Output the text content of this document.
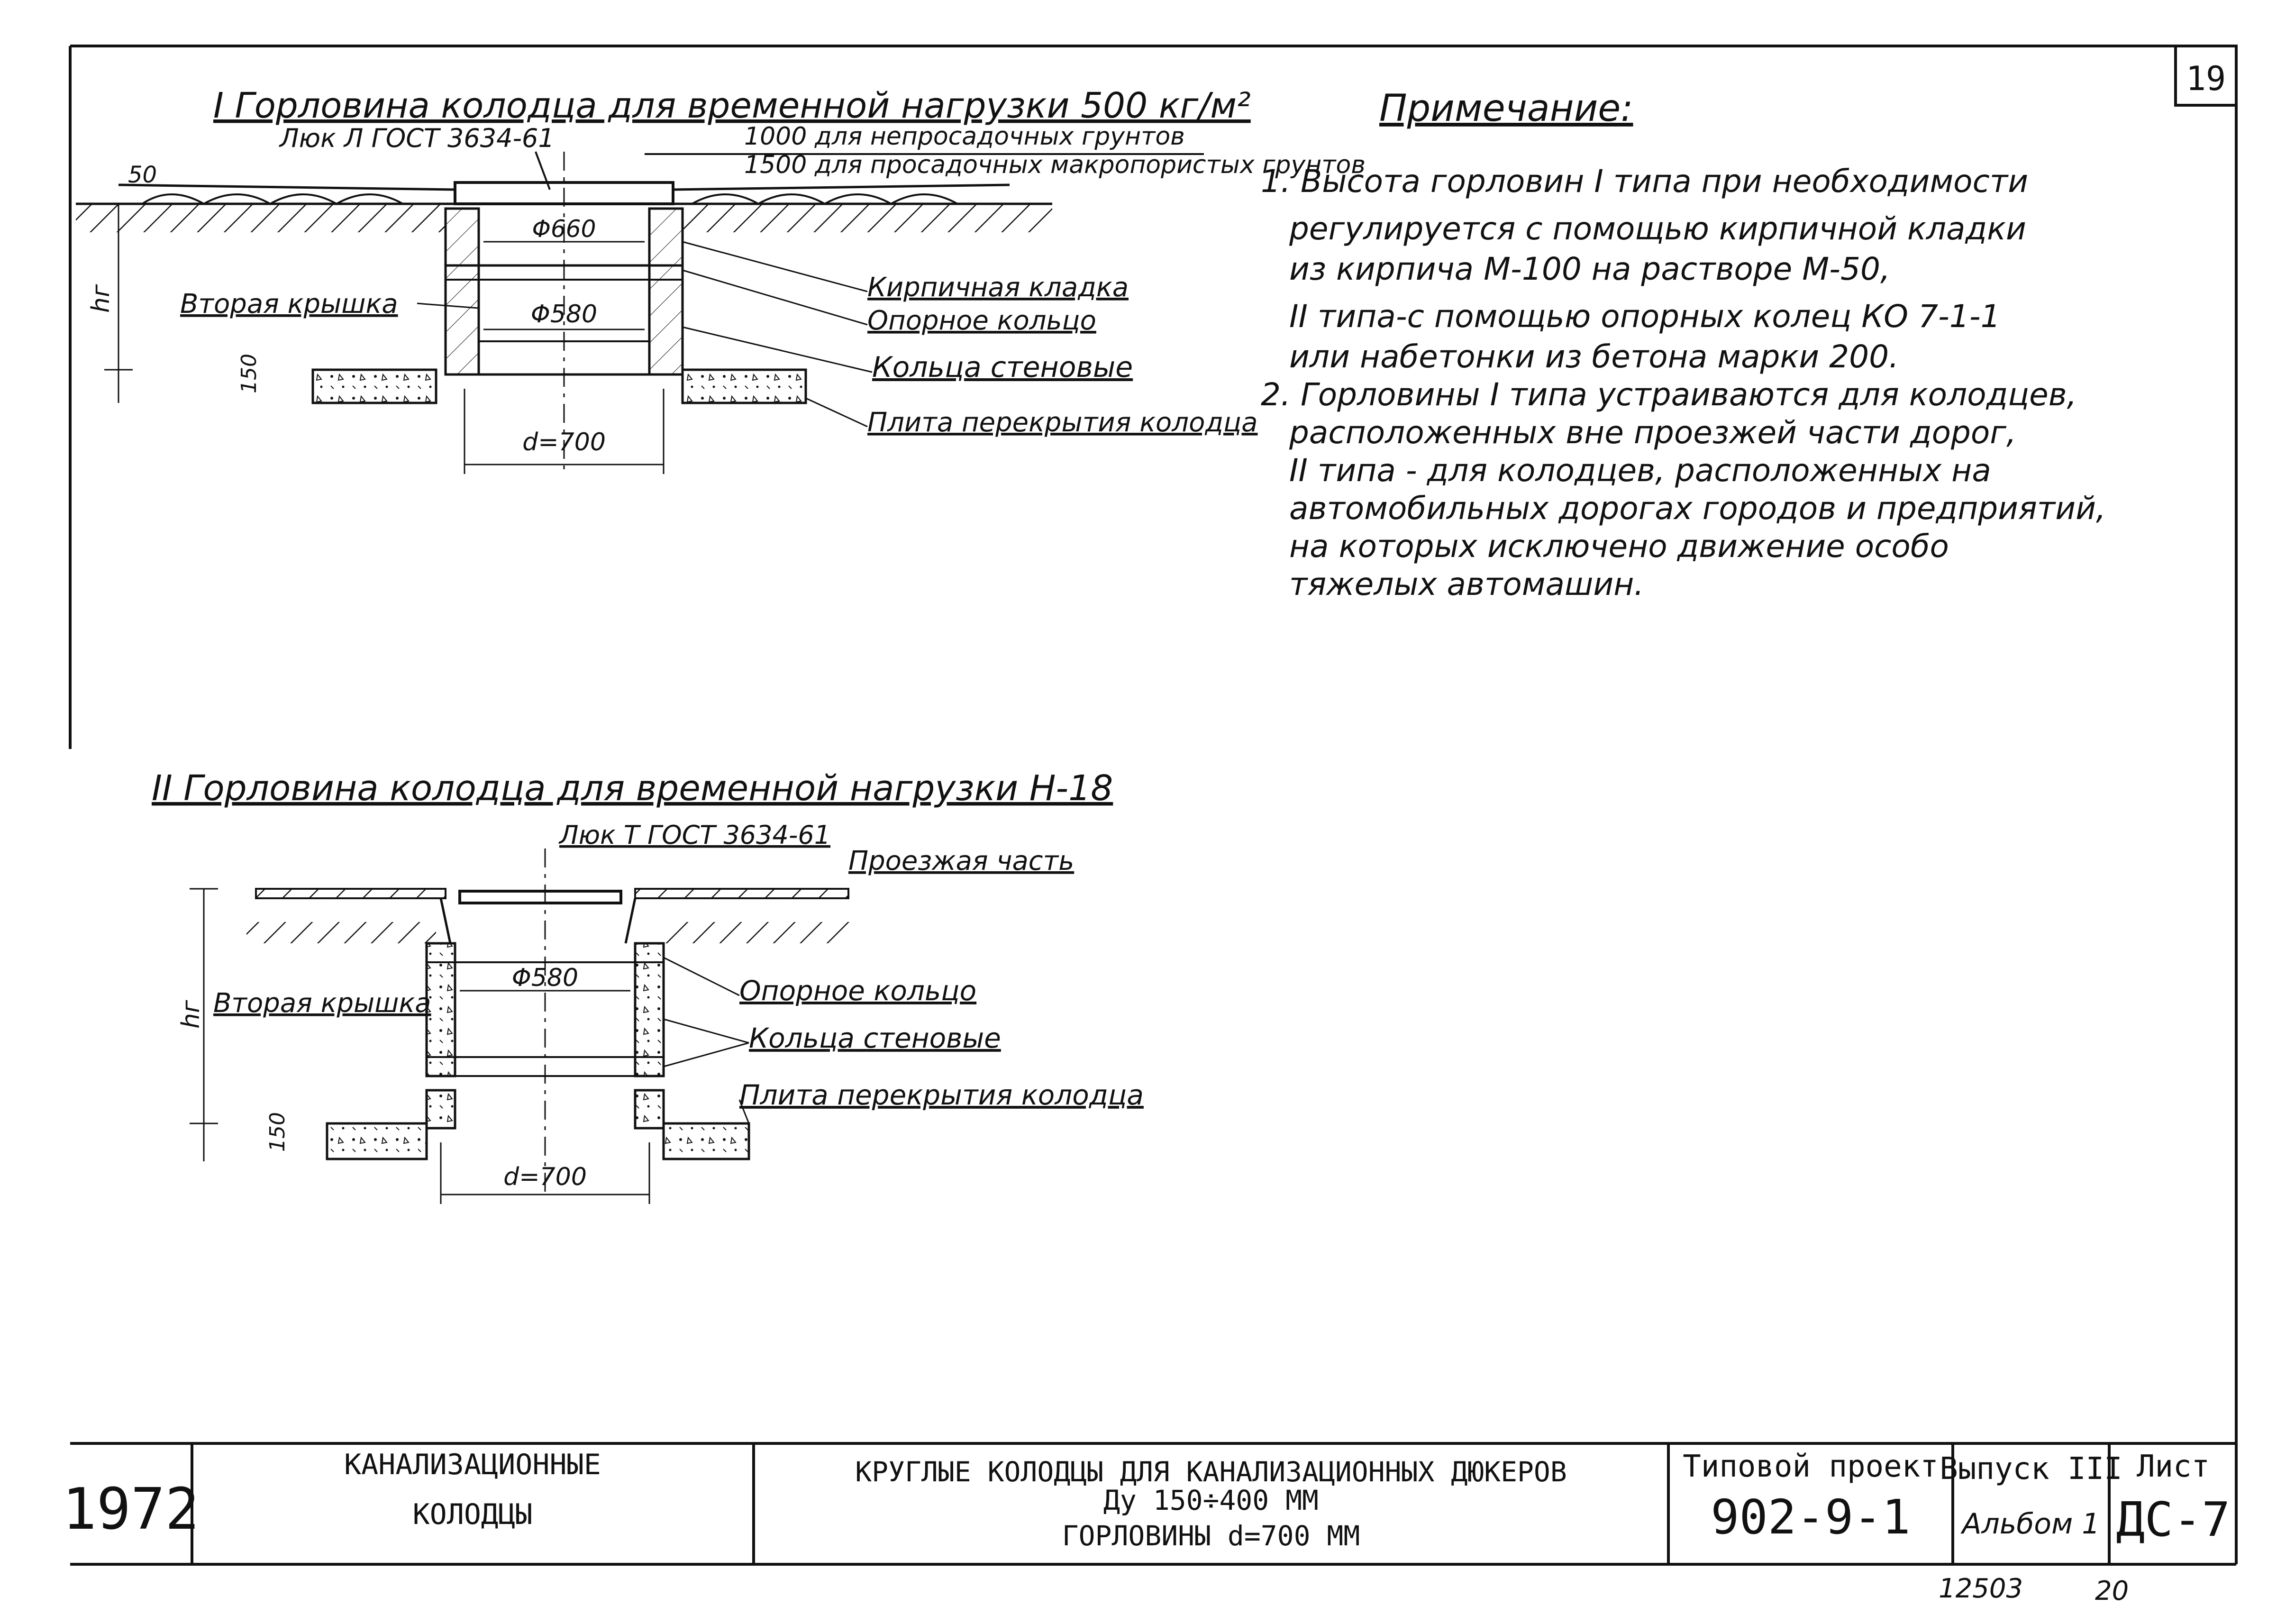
19
I Горловина колодца для временной нагрузки 500 кг/м²
Люк Л ГОСТ 3634-61	1000 для непросадочных грунтов
1500 для просадочных макропористых грунтов
50
Φ660
Φ580
d=700
hг
150
Вторая крышка
Кирпичная кладка
Опорное кольцо
Кольца стеновые
Плита перекрытия колодца
Примечание:
1. Высота горловин I типа при необходимости
регулируется с помощью кирпичной кладки
из кирпича М-100 на растворе М-50,
II типа-с помощью опорных колец КО 7-1-1
или набетонки из бетона марки 200.
2. Горловины I типа устраиваются для колодцев,
расположенных вне проезжей части дорог,
II типа - для колодцев, расположенных на
автомобильных дорогах городов и предприятий,
на которых исключено движение особо
тяжелых автомашин.
II Горловина колодца для временной нагрузки Н-18
Люк Т ГОСТ 3634-61
Проезжая часть
Φ580
d=700
hг
150
Опорное кольцо
Кольца стеновые
Плита перекрытия колодца
Вторая крышка
1972
КАНАЛИЗАЦИОННЫЕ
КОЛОДЦЫ
КРУГЛЫЕ КОЛОДЦЫ ДЛЯ КАНАЛИЗАЦИОННЫХ ДЮКЕРОВ
Ду 150÷400 ММ
ГОРЛОВИНЫ d=700 ММ
Типовой проект
902-9-1
Выпуск III
Альбом 1
Лист
ДС-7
12503	20
